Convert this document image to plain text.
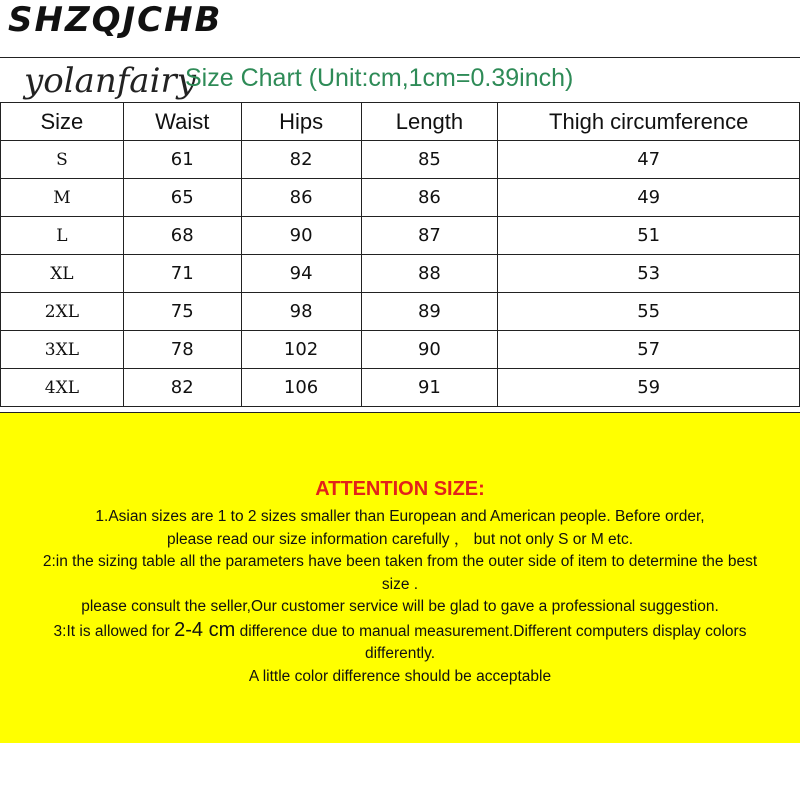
SHZQJCHB
yolanfairy
Size Chart (Unit:cm,1cm=0.39inch)
Size	Waist	Hips	Length	Thigh circumference
S	61	82	85	47
M	65	86	86	49
L	68	90	87	51
XL	71	94	88	53
2XL	75	98	89	55
3XL	78	102	90	57
4XL	82	106	91	59
ATTENTION SIZE:

1.Asian sizes are 1 to 2 sizes smaller than European and American people. Before order,

please read our size information carefully ， but not only S or M etc.

2:in the sizing table all the parameters have been taken from the outer side of item to determine the best

size .

please consult the seller,Our customer service will be glad to gave a professional suggestion.

3:It is allowed for 2-4 cm difference due to manual measurement.Different computers display colors

differently.

A little color difference should be acceptable
